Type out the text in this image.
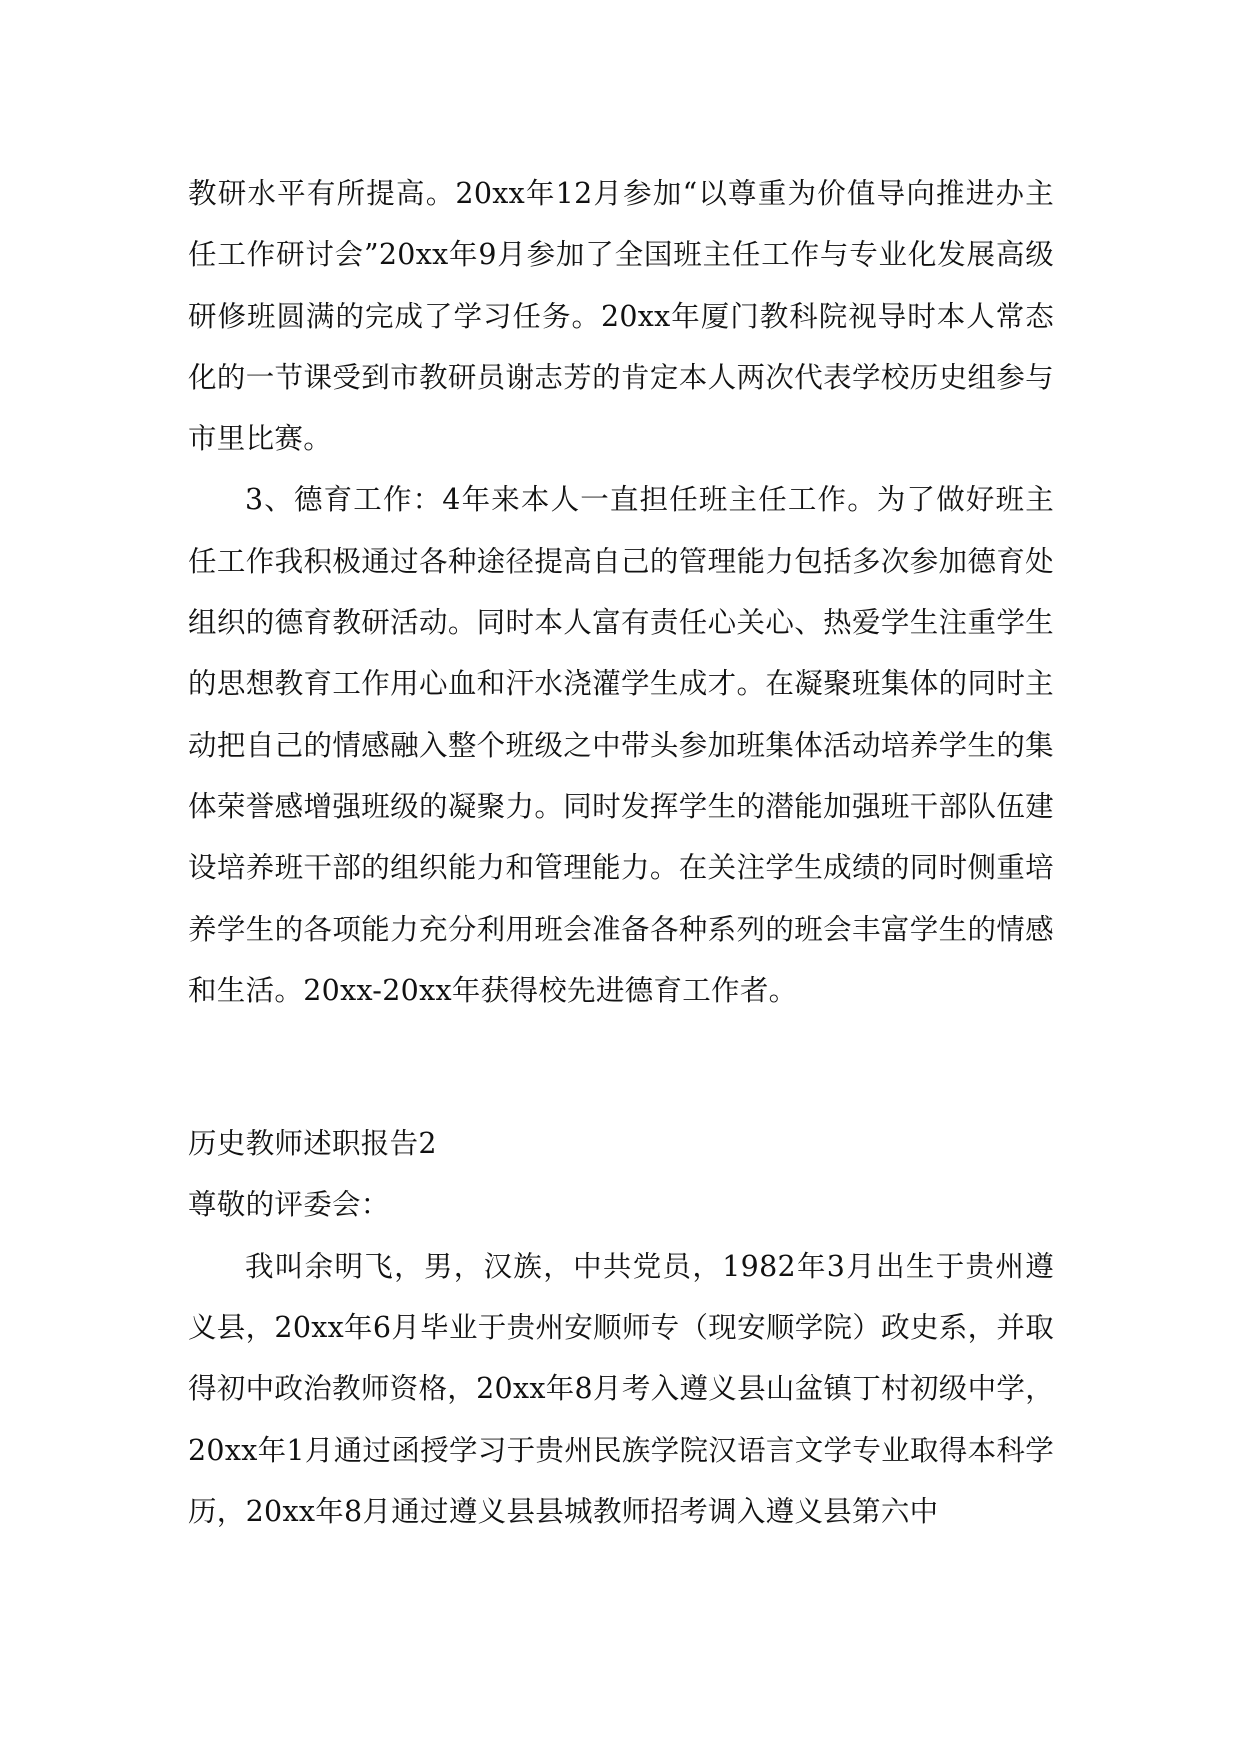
教研水平有所提高。20xx年12月参加“以尊重为价值导向推进办主任工作研讨会”20xx年9月参加了全国班主任工作与专业化发展高级研修班圆满的完成了学习任务。20xx年厦门教科院视导时本人常态化的一节课受到市教研员谢志芳的肯定本人两次代表学校历史组参与市里比赛。

3、德育工作：4年来本人一直担任班主任工作。为了做好班主任工作我积极通过各种途径提高自己的管理能力包括多次参加德育处组织的德育教研活动。同时本人富有责任心关心、热爱学生注重学生的思想教育工作用心血和汗水浇灌学生成才。在凝聚班集体的同时主动把自己的情感融入整个班级之中带头参加班集体活动培养学生的集体荣誉感增强班级的凝聚力。同时发挥学生的潜能加强班干部队伍建设培养班干部的组织能力和管理能力。在关注学生成绩的同时侧重培养学生的各项能力充分利用班会准备各种系列的班会丰富学生的情感和生活。20xx-20xx年获得校先进德育工作者。

历史教师述职报告2

尊敬的评委会：

我叫余明飞，男，汉族，中共党员，1982年3月出生于贵州遵义县，20xx年6月毕业于贵州安顺师专（现安顺学院）政史系，并取得初中政治教师资格，20xx年8月考入遵义县山盆镇丁村初级中学，20xx年1月通过函授学习于贵州民族学院汉语言文学专业取得本科学历，20xx年8月通过遵义县县城教师招考调入遵义县第六中
